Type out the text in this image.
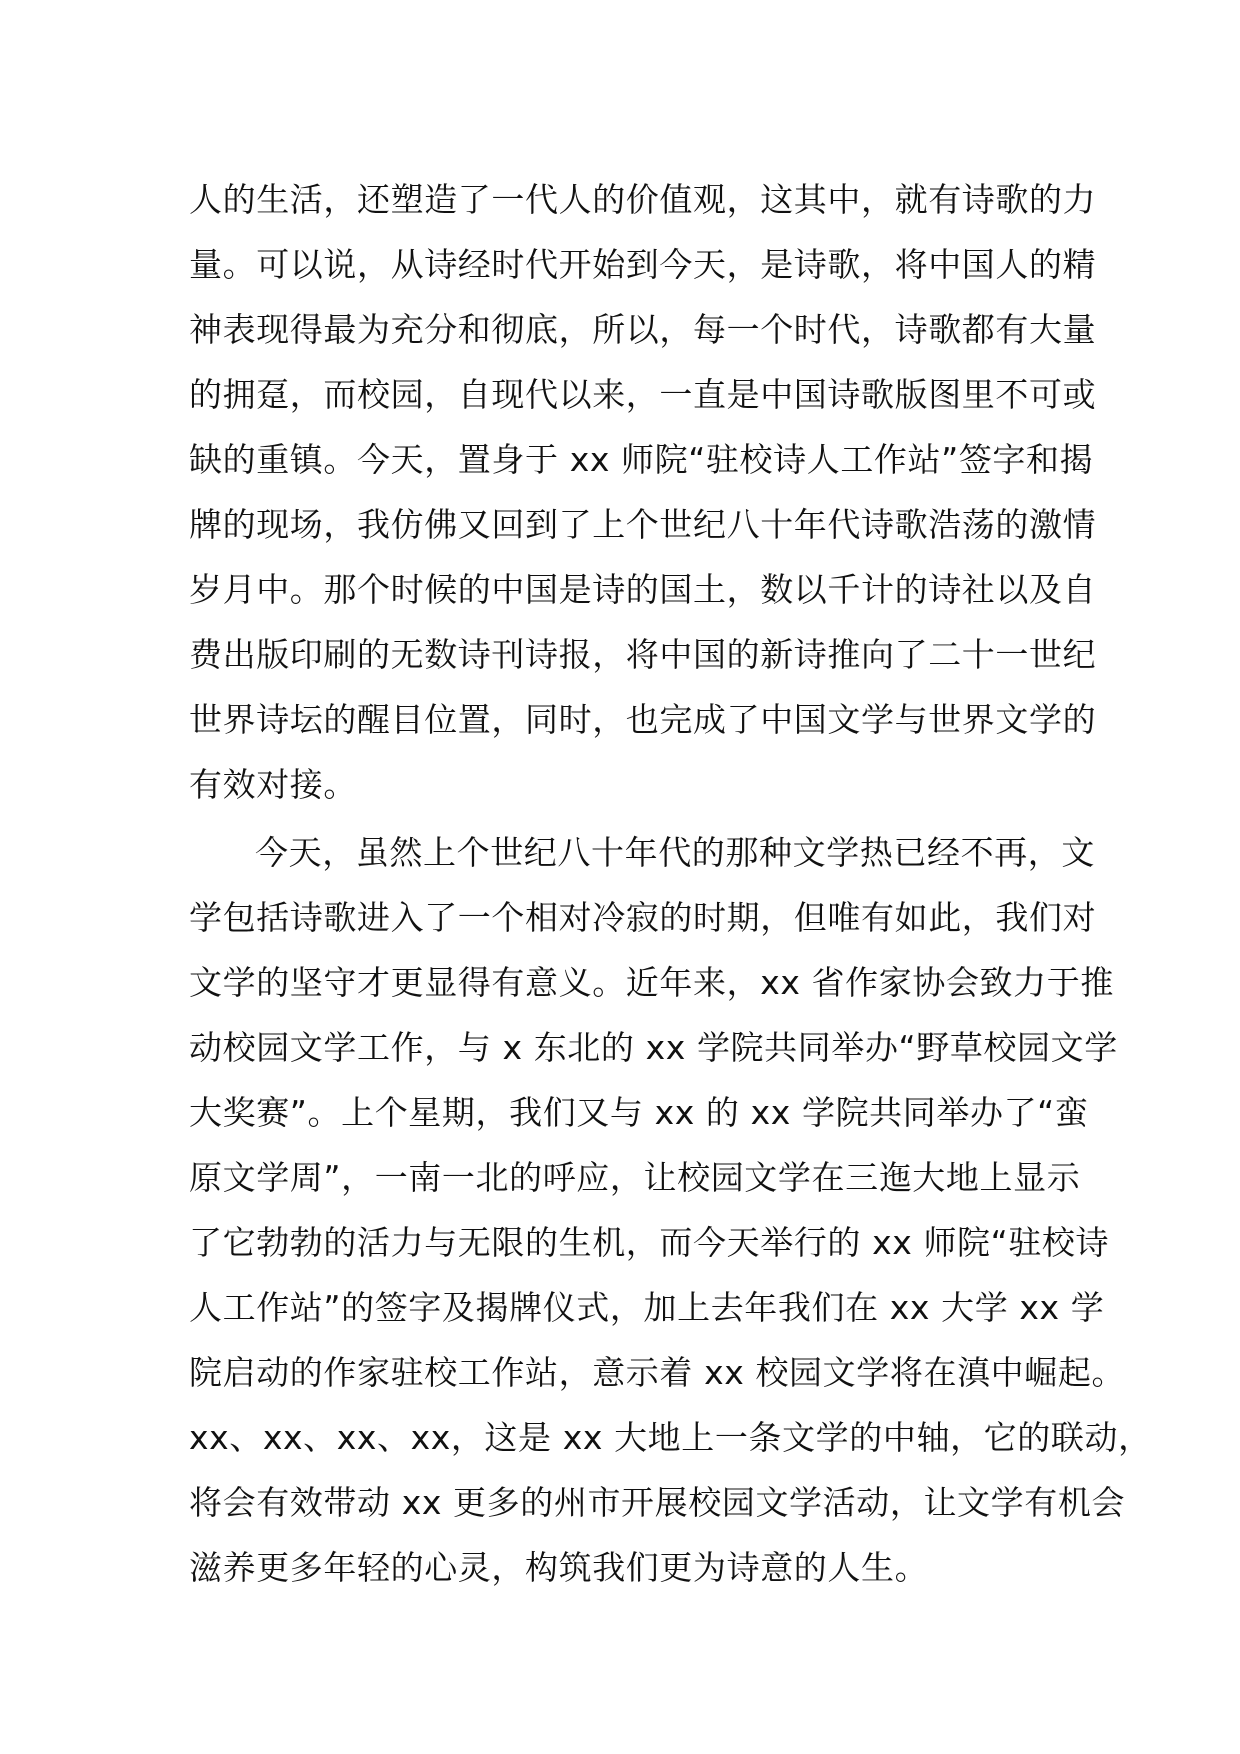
人的生活，还塑造了一代人的价值观，这其中，就有诗歌的力
量。可以说，从诗经时代开始到今天，是诗歌，将中国人的精
神表现得最为充分和彻底，所以，每一个时代，诗歌都有大量
的拥趸，而校园，自现代以来，一直是中国诗歌版图里不可或
缺的重镇。今天，置身于 xx 师院“驻校诗人工作站”签字和揭
牌的现场，我仿佛又回到了上个世纪八十年代诗歌浩荡的激情
岁月中。那个时候的中国是诗的国土，数以千计的诗社以及自
费出版印刷的无数诗刊诗报，将中国的新诗推向了二十一世纪
世界诗坛的醒目位置，同时，也完成了中国文学与世界文学的
有效对接。
今天，虽然上个世纪八十年代的那种文学热已经不再，文
学包括诗歌进入了一个相对冷寂的时期，但唯有如此，我们对
文学的坚守才更显得有意义。近年来，xx 省作家协会致力于推
动校园文学工作，与 x 东北的 xx 学院共同举办“野草校园文学
大奖赛”。上个星期，我们又与 xx 的 xx 学院共同举办了“蛮
原文学周”，一南一北的呼应，让校园文学在三迤大地上显示
了它勃勃的活力与无限的生机，而今天举行的 xx 师院“驻校诗
人工作站”的签字及揭牌仪式，加上去年我们在 xx 大学 xx 学
院启动的作家驻校工作站，意示着 xx 校园文学将在滇中崛起。
xx、xx、xx、xx，这是 xx 大地上一条文学的中轴，它的联动，
将会有效带动 xx 更多的州市开展校园文学活动，让文学有机会
滋养更多年轻的心灵，构筑我们更为诗意的人生。
